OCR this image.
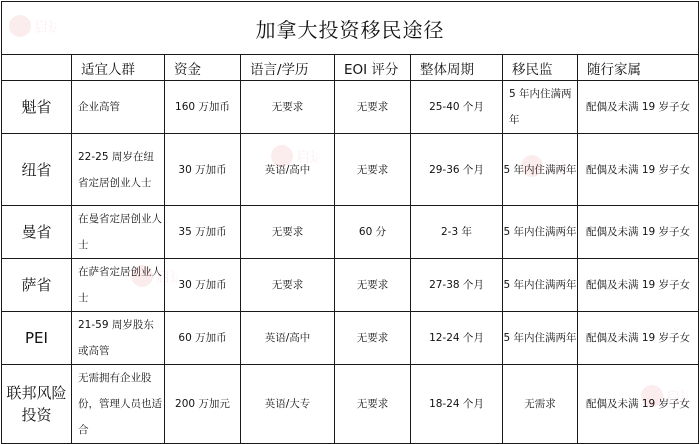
加拿大投资移民途径							
	适宜人群	资金	语言/学历	EOI 评分	整体周期	移民监	随行家属
魁省	企业高管	160 万加币	无要求	无要求	25-40 个月	5 年内住满两年	配偶及未满 19 岁子女
纽省	22-25 周岁在纽省定居创业人士	30 万加币	英语/高中	无要求	29-36 个月	5 年内住满两年	配偶及未满 19 岁子女
曼省	在曼省定居创业人士	35 万加币	无要求	60 分	2-3 年	5 年内住满两年	配偶及未满 19 岁子女
萨省	在萨省定居创业人士	30 万加币	无要求	无要求	27-38 个月	5 年内住满两年	配偶及未满 19 岁子女
PEI	21-59 周岁股东或高管	60 万加币	英语/高中	无要求	12-24 个月	5 年内住满两年	配偶及未满 19 岁子女
联邦风险投资	无需拥有企业股份，管理人员也适合	200 万加元	英语/大专	无要求	18-24 个月	无需求	配偶及未满 19 岁子女
启达
启达
启达
启达
